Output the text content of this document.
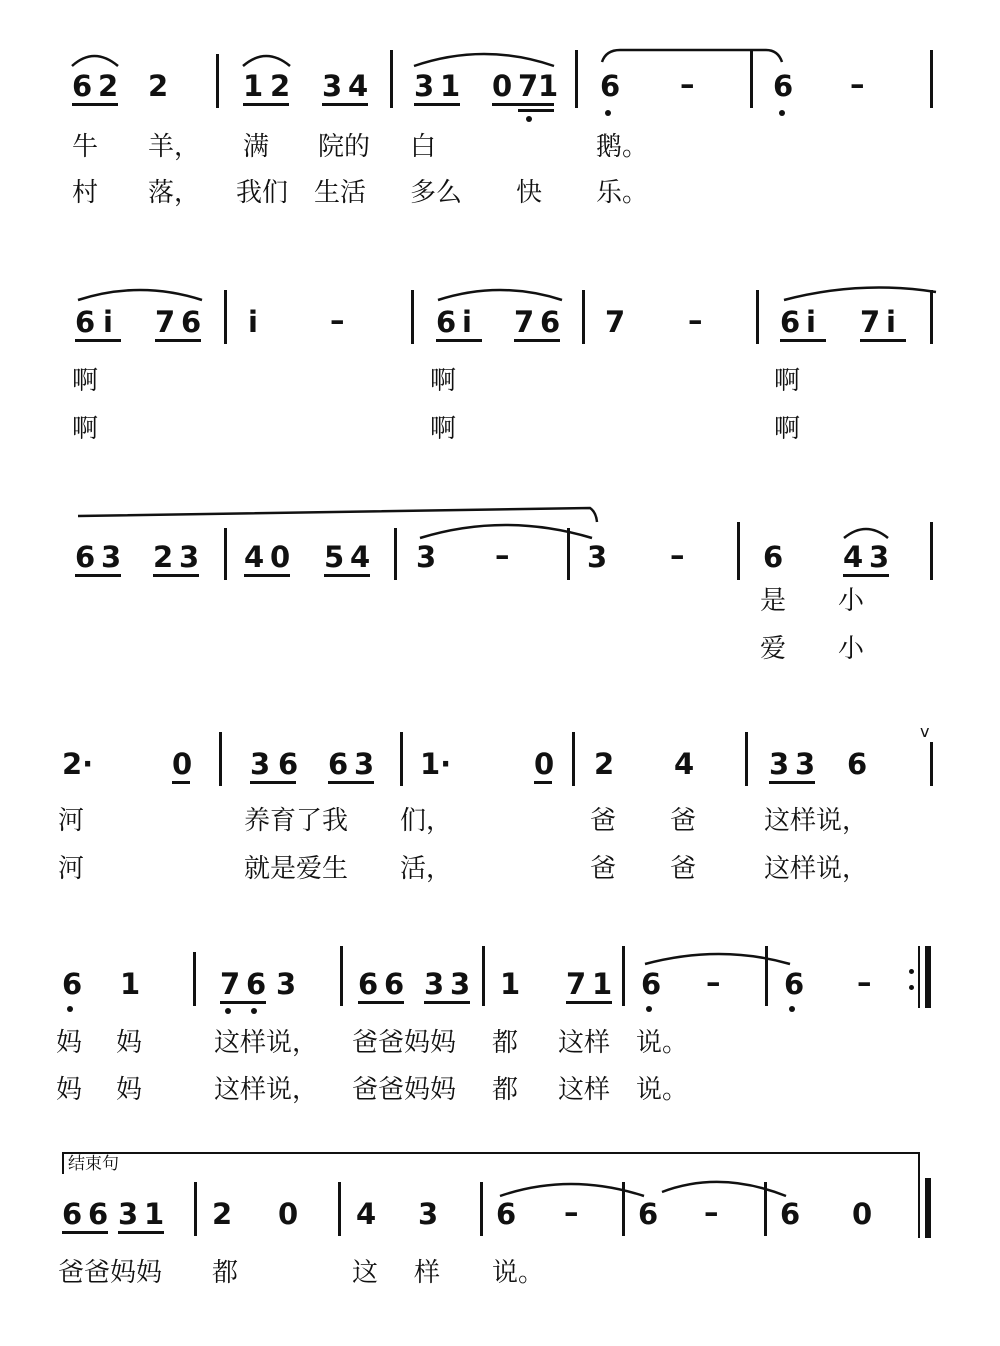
6 2 2	1 2 3 4 3 1 0 7 1 6 –	6 –
牛 羊， 满 院的 白	鹅。
村 落， 我们 生活 多么 快 乐。
6 i 7 6 i –	6 i 7 6 7 –	6 i 7 i
啊	啊	啊
啊	啊	啊
6 3 2 3 4 0 5 4 3 –	3 –	6 4 3
是 小
爱 小
2·	0 3 6 6 3 1·	0 2 4	3 3 6
v
河	养育了我 们，	爸 爸	这样说，
河	就是爱生 活，	爸 爸	这样说，
6 1	7 6 3 6 6 3 3 1 7 1 6 – 6 –
妈 妈	这样说， 爸爸妈妈 都 这样 说。
妈 妈	这样说， 爸爸妈妈 都 这样 说。
结束句
6 6 3 1 2 0 4 3 6 – 6 – 6 0
爸爸妈妈 都	这 样 说。
